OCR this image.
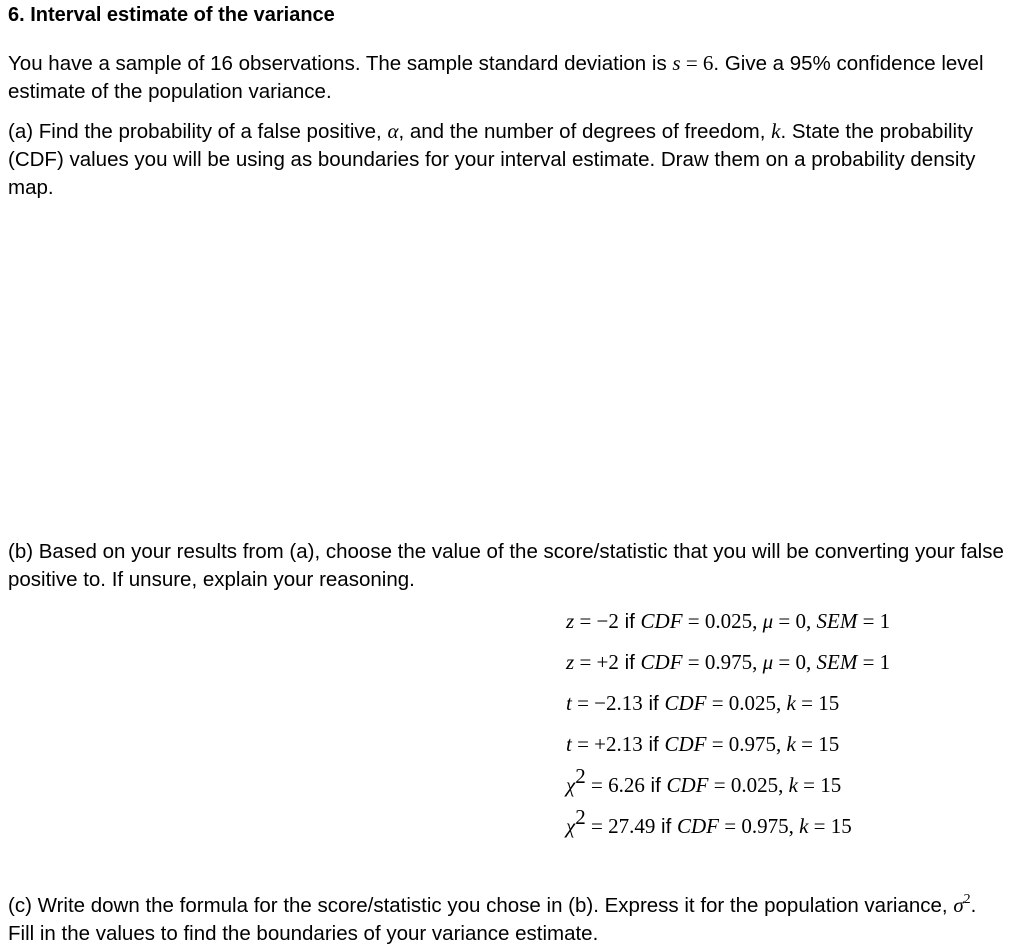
6. Interval estimate of the variance

You have a sample of 16 observations. The sample standard deviation is s = 6. Give a 95% confidence level estimate of the population variance.

(a) Find the probability of a false positive, α, and the number of degrees of freedom, k. State the probability (CDF) values you will be using as boundaries for your interval estimate. Draw them on a probability density map.

(b) Based on your results from (a), choose the value of the score/statistic that you will be converting your false positive to. If unsure, explain your reasoning.

z = −2 if CDF = 0.025, μ = 0, SEM = 1
z = +2 if CDF = 0.975, μ = 0, SEM = 1
t = −2.13 if CDF = 0.025, k = 15
t = +2.13 if CDF = 0.975, k = 15
$\chi^2 = 6.26$ if CDF = 0.025, k = 15
$\chi^2 = 27.49$ if CDF = 0.975, k = 15

(c) Write down the formula for the score/statistic you chose in (b). Express it for the population variance, $\sigma^2$. Fill in the values to find the boundaries of your variance estimate.
